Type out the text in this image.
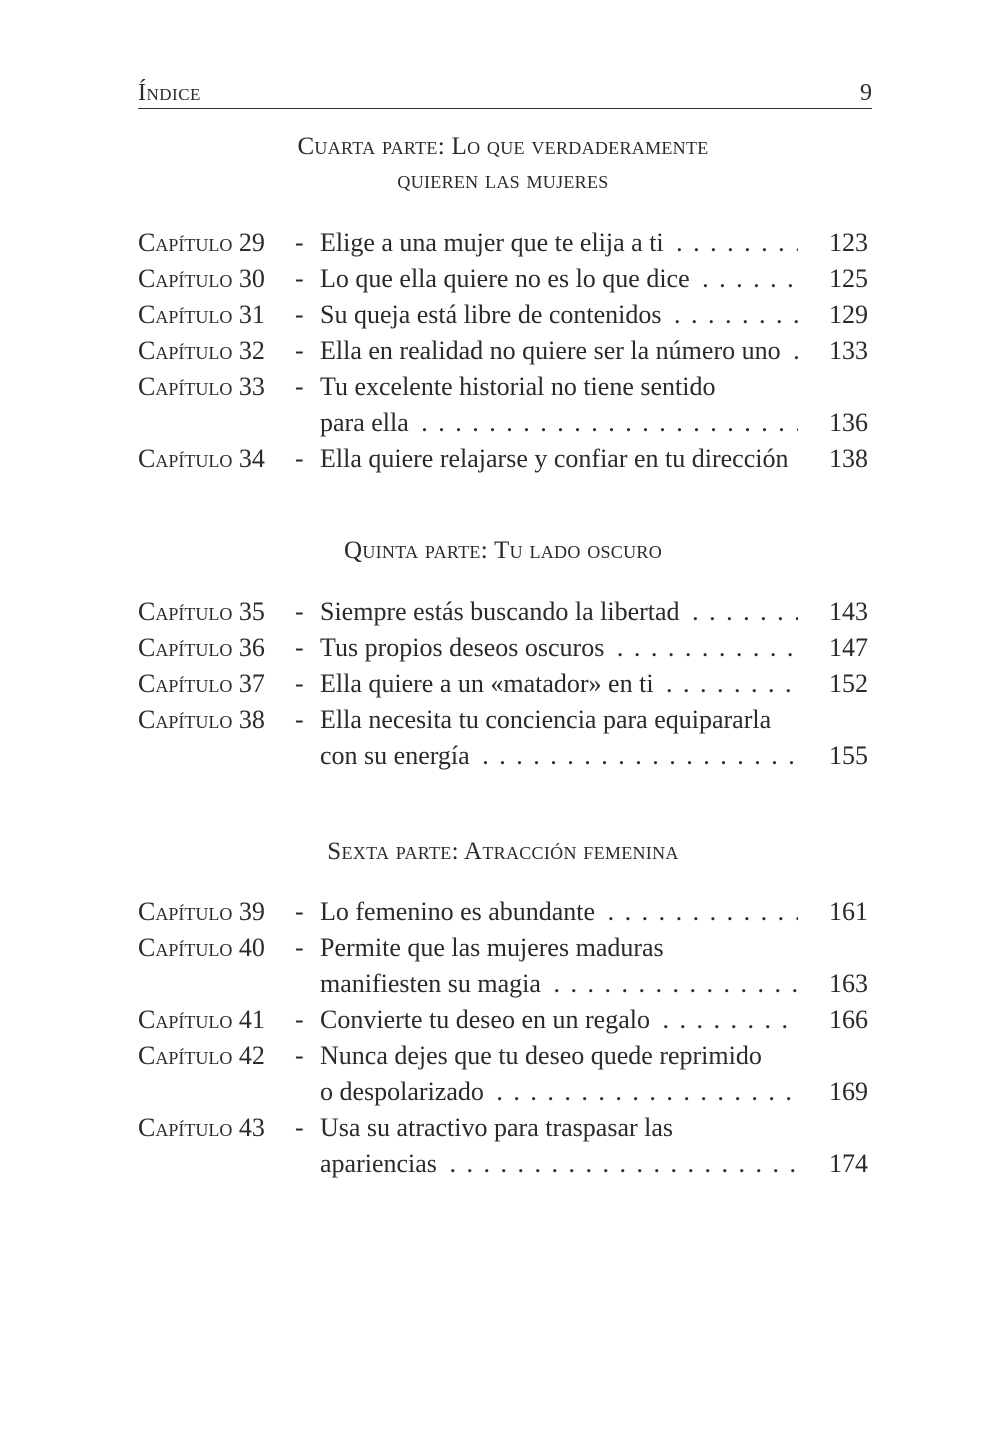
Índice	9
Cuarta parte: Lo que verdaderamente
quieren las mujeres
Capítulo 29 - Elige a una mujer que te elija a ti . . .	123
Capítulo 30 - Lo que ella quiere no es lo que dice . . .	125
Capítulo 31 - Su queja está libre de contenidos . . .	129
Capítulo 32 - Ella en realidad no quiere ser la número uno . . .	133
Capítulo 33 - Tu excelente historial no tiene sentido
para ella . . .	136
Capítulo 34 - Ella quiere relajarse y confiar en tu dirección . . .	138
Quinta parte: Tu lado oscuro
Capítulo 35 - Siempre estás buscando la libertad . . .	143
Capítulo 36 - Tus propios deseos oscuros . . .	147
Capítulo 37 - Ella quiere a un «matador» en ti . . .	152
Capítulo 38 - Ella necesita tu conciencia para equipararla
con su energía . . .	155
Sexta parte: Atracción femenina
Capítulo 39 - Lo femenino es abundante . . .	161
Capítulo 40 - Permite que las mujeres maduras
manifiesten su magia . . .	163
Capítulo 41 - Convierte tu deseo en un regalo . . .	166
Capítulo 42 - Nunca dejes que tu deseo quede reprimido
o despolarizado . . .	169
Capítulo 43 - Usa su atractivo para traspasar las
apariencias . . .	174
